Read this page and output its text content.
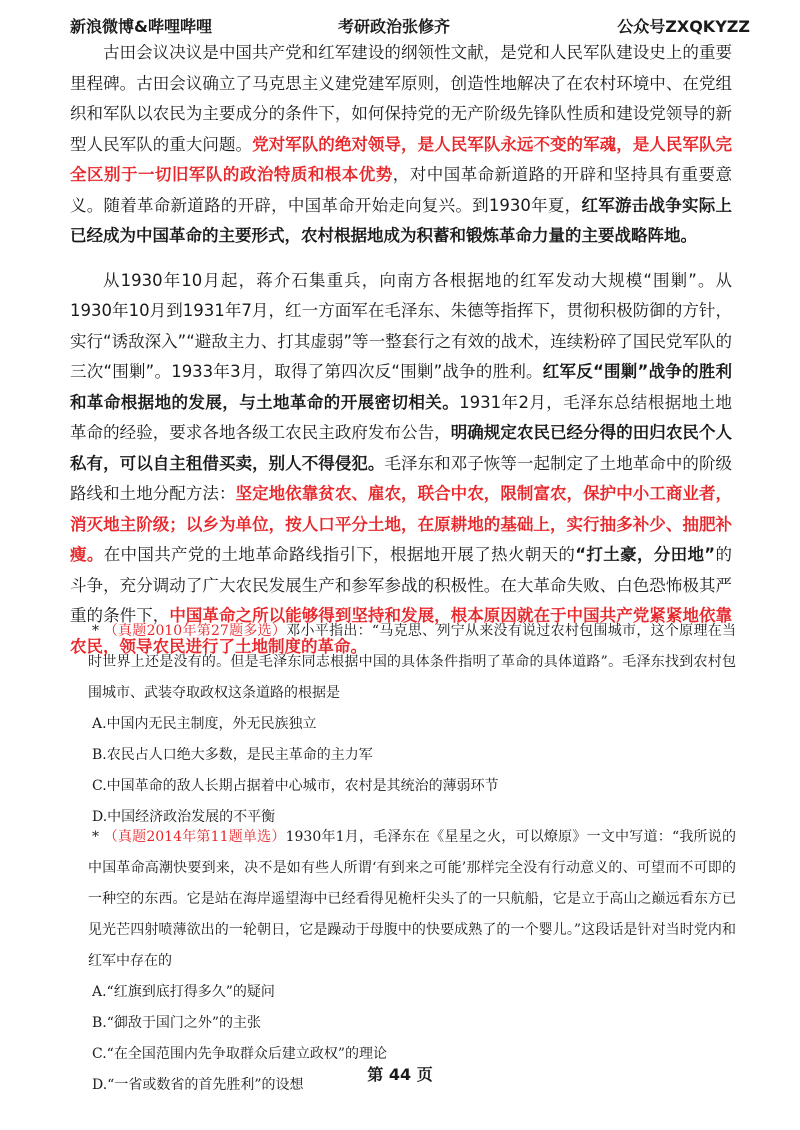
新浪微博&哔哩哔哩	考研政治张修齐	公众号ZXQKYZZ

古田会议决议是中国共产党和红军建设的纲领性文献，是党和人民军队建设史上的重要里程碑。古田会议确立了马克思主义建党建军原则，创造性地解决了在农村环境中、在党组织和军队以农民为主要成分的条件下，如何保持党的无产阶级先锋队性质和建设党领导的新型人民军队的重大问题。党对军队的绝对领导，是人民军队永远不变的军魂，是人民军队完全区别于一切旧军队的政治特质和根本优势，对中国革命新道路的开辟和坚持具有重要意义。随着革命新道路的开辟，中国革命开始走向复兴。到1930年夏，红军游击战争实际上已经成为中国革命的主要形式，农村根据地成为积蓄和锻炼革命力量的主要战略阵地。

从1930年10月起，蒋介石集重兵，向南方各根据地的红军发动大规模“围剿”。从1930年10月到1931年7月，红一方面军在毛泽东、朱德等指挥下，贯彻积极防御的方针，实行“诱敌深入”“避敌主力、打其虚弱”等一整套行之有效的战术，连续粉碎了国民党军队的三次“围剿”。1933年3月，取得了第四次反“围剿”战争的胜利。红军反“围剿”战争的胜利和革命根据地的发展，与土地革命的开展密切相关。1931年2月，毛泽东总结根据地土地革命的经验，要求各地各级工农民主政府发布公告，明确规定农民已经分得的田归农民个人私有，可以自主租借买卖，别人不得侵犯。毛泽东和邓子恢等一起制定了土地革命中的阶级路线和土地分配方法：坚定地依靠贫农、雇农，联合中农，限制富农，保护中小工商业者，消灭地主阶级；以乡为单位，按人口平分土地，在原耕地的基础上，实行抽多补少、抽肥补瘦。在中国共产党的土地革命路线指引下，根据地开展了热火朝天的“打土豪，分田地”的斗争，充分调动了广大农民发展生产和参军参战的积极性。在大革命失败、白色恐怖极其严重的条件下，中国革命之所以能够得到坚持和发展，根本原因就在于中国共产党紧紧地依靠农民，领导农民进行了土地制度的革命。

* （真题2010年第27题多选）邓小平指出：“马克思、列宁从来没有说过农村包围城市，这个原理在当时世界上还是没有的。但是毛泽东同志根据中国的具体条件指明了革命的具体道路”。毛泽东找到农村包围城市、武装夺取政权这条道路的根据是

A.中国内无民主制度，外无民族独立

B.农民占人口绝大多数，是民主革命的主力军

C.中国革命的敌人长期占据着中心城市，农村是其统治的薄弱环节

D.中国经济政治发展的不平衡

* （真题2014年第11题单选）1930年1月，毛泽东在《星星之火，可以燎原》一文中写道：“我所说的中国革命高潮快要到来，决不是如有些人所谓‘有到来之可能’那样完全没有行动意义的、可望而不可即的一种空的东西。它是站在海岸遥望海中已经看得见桅杆尖头了的一只航船，它是立于高山之巅远看东方已见光芒四射喷薄欲出的一轮朝日，它是躁动于母腹中的快要成熟了的一个婴儿。”这段话是针对当时党内和红军中存在的

A.“红旗到底打得多久”的疑问

B.“御敌于国门之外”的主张

C.“在全国范围内先争取群众后建立政权”的理论

D.“一省或数省的首先胜利”的设想

第 44 页
